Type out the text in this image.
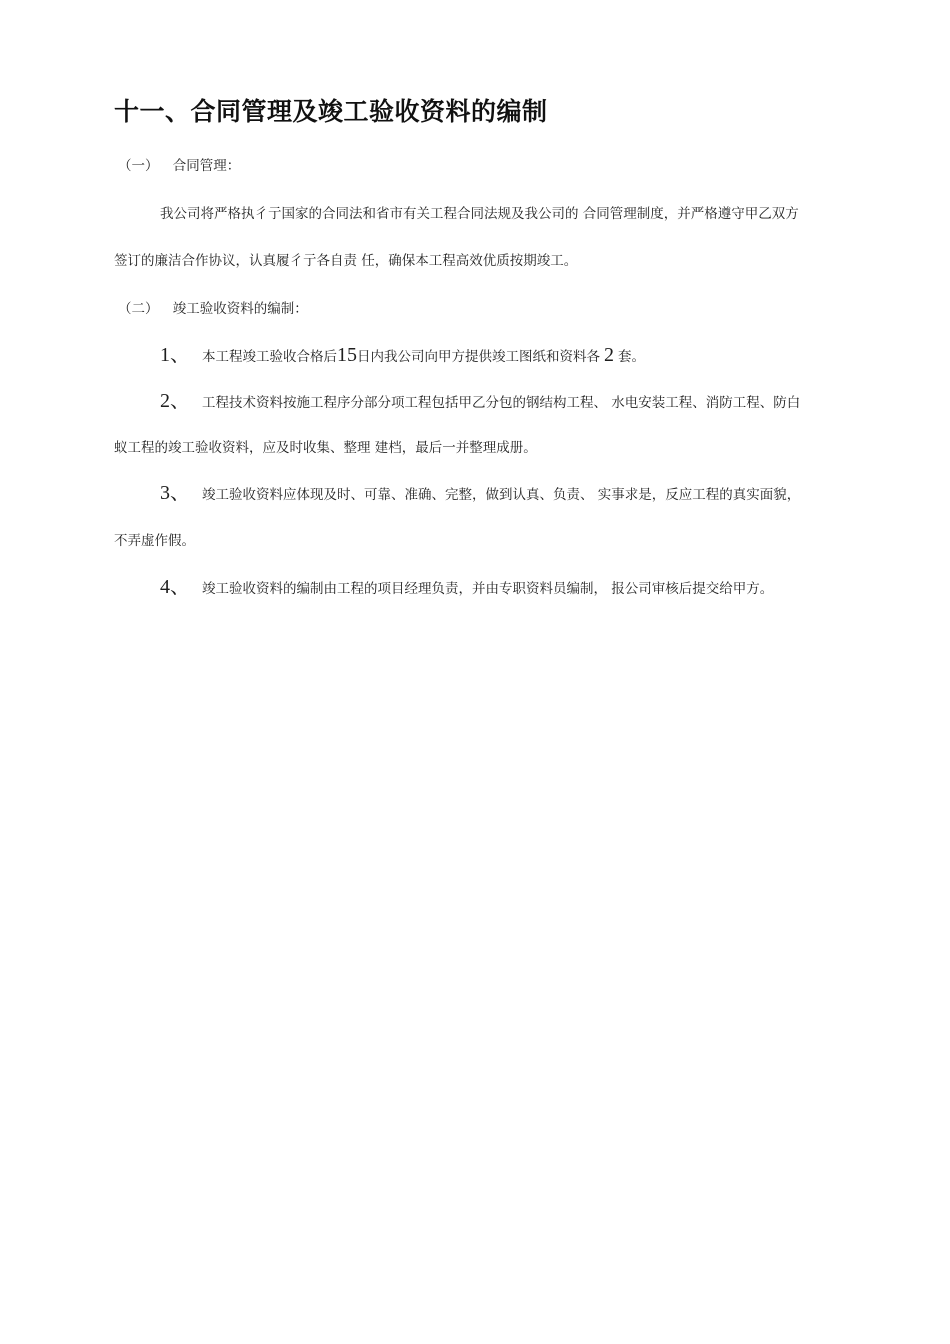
十一、合同管理及竣工验收资料的编制
（一） 合同管理：
我公司将严格执彳亍国家的合同法和省市有关工程合同法规及我公司的 合同管理制度，并严格遵守甲乙双方
签订的廉洁合作协议，认真履彳亍各自责 任，确保本工程高效优质按期竣工。
（二） 竣工验收资料的编制：
1、 本工程竣工验收合格后15日内我公司向甲方提供竣工图纸和资料各 2 套。
2、 工程技术资料按施工程序分部分项工程包括甲乙分包的钢结构工程、 水电安装工程、消防工程、防白
蚁工程的竣工验收资料，应及时收集、整理 建档，最后一并整理成册。
3、 竣工验收资料应体现及时、可靠、准确、完整，做到认真、负责、 实事求是，反应工程的真实面貌，
不弄虚作假。
4、 竣工验收资料的编制由工程的项目经理负责，并由专职资料员编制， 报公司审核后提交给甲方。
